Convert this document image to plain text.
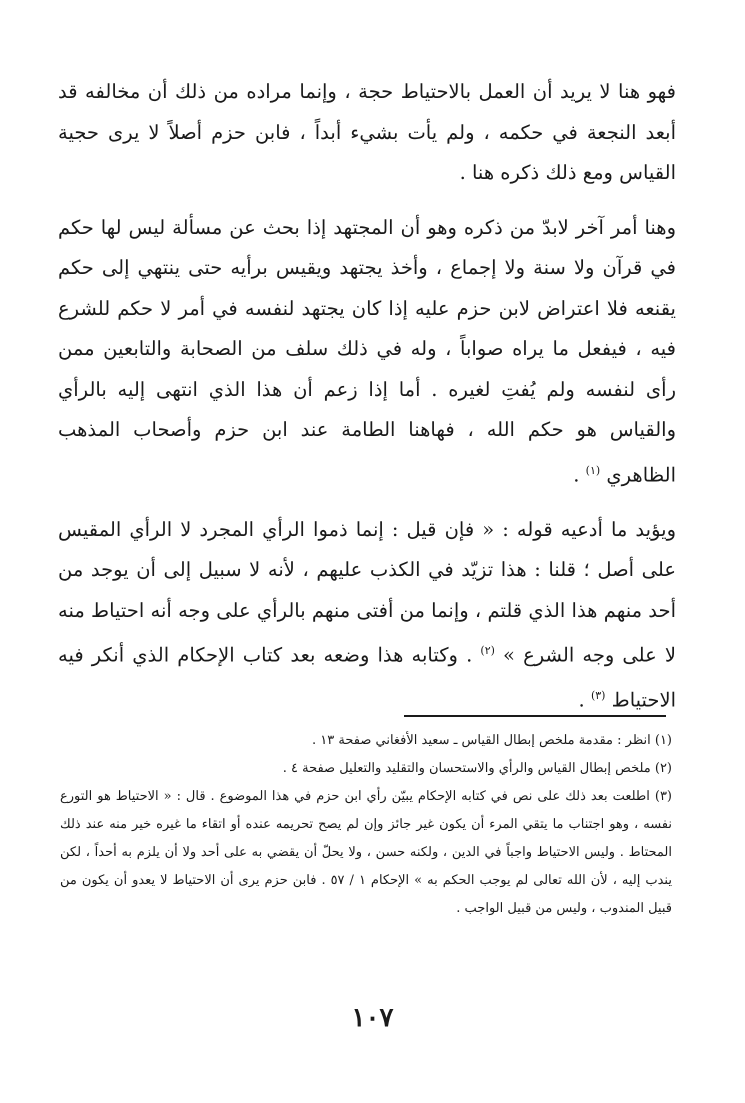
فهو هنا لا يريد أن العمل بالاحتياط حجة ، وإنما مراده من ذلك أن مخالفه قد أبعد النجعة في حكمه ، ولم يأت بشيء أبداً ، فابن حزم أصلاً لا يرى حجية القياس ومع ذلك ذكره هنا .

وهنا أمر آخر لابدّ من ذكره وهو أن المجتهد إذا بحث عن مسألة ليس لها حكم في قرآن ولا سنة ولا إجماع ، وأخذ يجتهد ويقيس برأيه حتى ينتهي إلى حكم يقنعه فلا اعتراض لابن حزم عليه إذا كان يجتهد لنفسه في أمر لا حكم للشرع فيه ، فيفعل ما يراه صواباً ، وله في ذلك سلف من الصحابة والتابعين ممن رأى لنفسه ولم يُفتِ لغيره . أما إذا زعم أن هذا الذي انتهى إليه بالرأي والقياس هو حكم الله ، فهاهنا الطامة عند ابن حزم وأصحاب المذهب الظاهري $^{(١)}$ .

ويؤيد ما أدعيه قوله : « فإن قيل : إنما ذموا الرأي المجرد لا الرأي المقيس على أصل ؛ قلنا : هذا تزيّد في الكذب عليهم ، لأنه لا سبيل إلى أن يوجد من أحد منهم هذا الذي قلتم ، وإنما من أفتى منهم بالرأي على وجه أنه احتياط منه لا على وجه الشرع » $^{(٢)}$ . وكتابه هذا وضعه بعد كتاب الإحكام الذي أنكر فيه الاحتياط $^{(٣)}$ .

(١) انظر : مقدمة ملخص إبطال القياس ـ سعيد الأفغاني صفحة ١٣ .

(٢) ملخص إبطال القياس والرأي والاستحسان والتقليد والتعليل صفحة ٤ .

(٣) اطلعت بعد ذلك على نص في كتابه الإحكام يبيّن رأي ابن حزم في هذا الموضوع . قال : « الاحتياط هو التورع نفسه ، وهو اجتناب ما يتقي المرء أن يكون غير جائز وإن لم يصح تحريمه عنده أو اتقاء ما غيره خير منه عند ذلك المحتاط . وليس الاحتياط واجباً في الدين ، ولكنه حسن ، ولا يحلّ أن يقضي به على أحد ولا أن يلزم به أحداً ، لكن يندب إليه ، لأن الله تعالى لم يوجب الحكم به » الإحكام ١ / ٥٧ . فابن حزم يرى أن الاحتياط لا يعدو أن يكون من قبيل المندوب ، وليس من قبيل الواجب .

١٠٧
